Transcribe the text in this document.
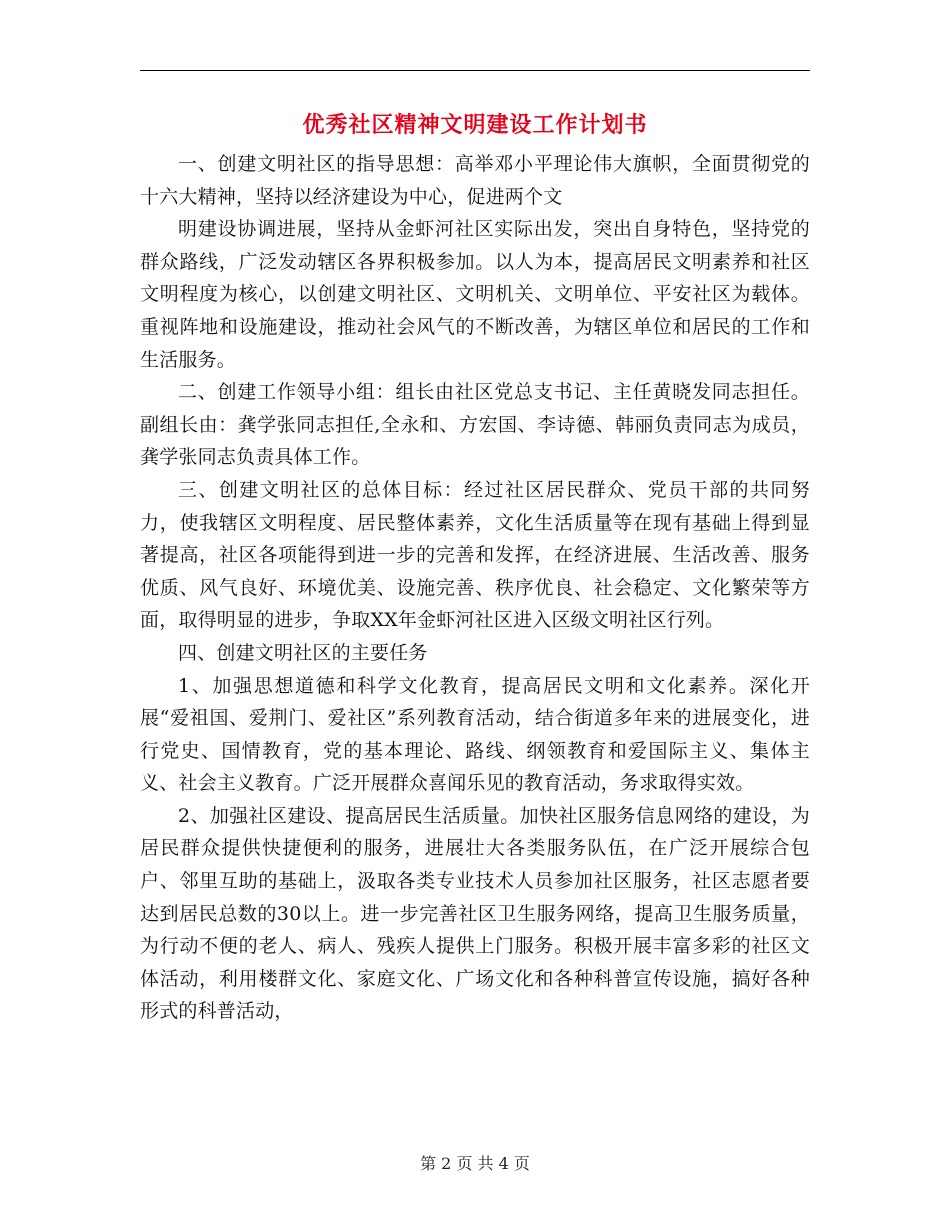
优秀社区精神文明建设工作计划书

一、创建文明社区的指导思想：高举邓小平理论伟大旗帜，全面贯彻党的十六大精神，坚持以经济建设为中心，促进两个文

明建设协调进展，坚持从金虾河社区实际出发，突出自身特色，坚持党的群众路线，广泛发动辖区各界积极参加。以人为本，提高居民文明素养和社区文明程度为核心，以创建文明社区、文明机关、文明单位、平安社区为载体。重视阵地和设施建设，推动社会风气的不断改善，为辖区单位和居民的工作和生活服务。

二、创建工作领导小组：组长由社区党总支书记、主任黄晓发同志担任。副组长由：龚学张同志担任,全永和、方宏国、李诗德、韩丽负责同志为成员，龚学张同志负责具体工作。

三、创建文明社区的总体目标：经过社区居民群众、党员干部的共同努力，使我辖区文明程度、居民整体素养，文化生活质量等在现有基础上得到显著提高，社区各项能得到进一步的完善和发挥，在经济进展、生活改善、服务优质、风气良好、环境优美、设施完善、秩序优良、社会稳定、文化繁荣等方面，取得明显的进步，争取XX年金虾河社区进入区级文明社区行列。

四、创建文明社区的主要任务

1、加强思想道德和科学文化教育，提高居民文明和文化素养。深化开展“爱祖国、爱荆门、爱社区”系列教育活动，结合街道多年来的进展变化，进行党史、国情教育，党的基本理论、路线、纲领教育和爱国际主义、集体主义、社会主义教育。广泛开展群众喜闻乐见的教育活动，务求取得实效。

2、加强社区建设、提高居民生活质量。加快社区服务信息网络的建设，为居民群众提供快捷便利的服务，进展壮大各类服务队伍，在广泛开展综合包户、邻里互助的基础上，汲取各类专业技术人员参加社区服务，社区志愿者要达到居民总数的30以上。进一步完善社区卫生服务网络，提高卫生服务质量，为行动不便的老人、病人、残疾人提供上门服务。积极开展丰富多彩的社区文体活动，利用楼群文化、家庭文化、广场文化和各种科普宣传设施，搞好各种形式的科普活动，

第 2 页 共 4 页
